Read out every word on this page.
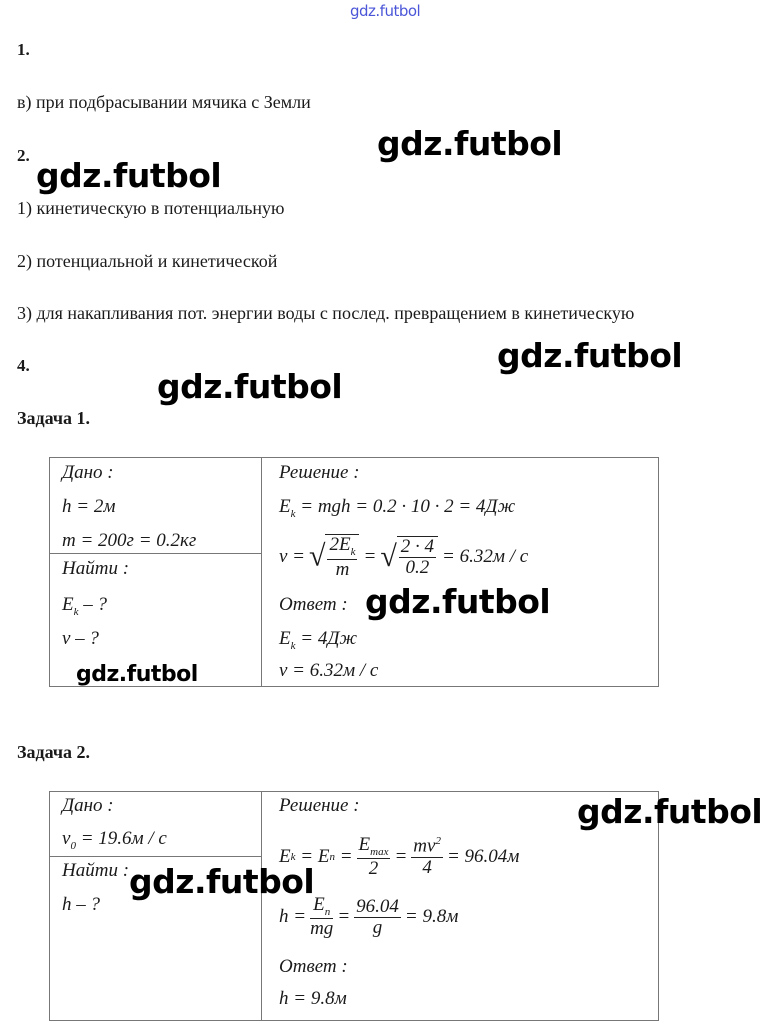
gdz.futbol
1.
в) при подбрасывании мячика с Земли
2.
1) кинетическую в потенциальную
2) потенциальной и кинетической
3) для накапливания пот. энергии воды с послед. превращением в кинетическую
4.
Задача 1.
Дано :
h = 2м
m = 200г = 0.2кг
Найти :
$E_k$ – ?
v – ?
Решение :
$E_k$ = mgh = 0.2 · 10 · 2 = 4Дж
v = √ $\frac{2E_k}{m}$ = √ $\frac{2 \cdot 4}{0.2} = 6.32м / с$
Ответ :
$E_k = 4Дж$
v = 6.32м / с
Задача 2.
Дано :
$v_0 = 19.6м / с$
Найти :
h – ?
Решение :
E k = E $п = \frac{E_{max}}{2} = \frac{mv^2}{4} = 96.04м$
$h = \frac{E_п}{mg} = \frac{96.04}{g} = 9.8м$
Ответ :
h = 9.8м
gdz.futbol
gdz.futbol
gdz.futbol
gdz.futbol
gdz.futbol
gdz.futbol
gdz.futbol
gdz.futbol
